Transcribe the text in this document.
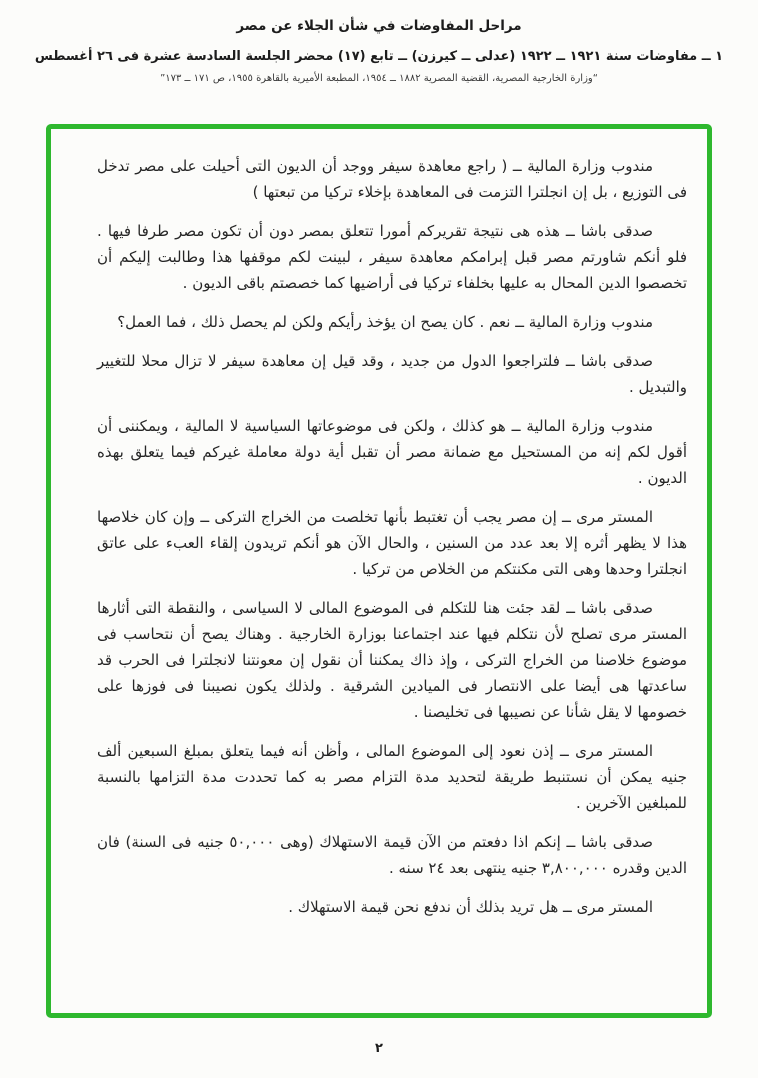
مراحل المفاوضات في شأن الجلاء عن مصر
١ ــ مفاوضات سنة ١٩٢١ ــ ١٩٢٢ (عدلى ــ كيرزن) ــ تابع (١٧) محضر الجلسة السادسة عشرة فى ٢٦ أغسطس
“وزارة الخارجية المصرية، القضية المصرية ١٨٨٢ ــ ١٩٥٤، المطبعة الأميرية بالقاهرة ١٩٥٥، ص ١٧١ ــ ١٧٣”

مندوب وزارة المالية ــ ( راجع معاهدة سيفر ووجد أن الديون التى أحيلت على مصر تدخل فى التوزيع ، بل إن انجلترا التزمت فى المعاهدة بإخلاء تركيا من تبعتها )

صدقى باشا ــ هذه هى نتيجة تقريركم أمورا تتعلق بمصر دون أن تكون مصر طرفا فيها . فلو أنكم شاورتم مصر قبل إبرامكم معاهدة سيفر ، لبينت لكم موقفها هذا وطالبت إليكم أن تخصصوا الدين المحال به عليها بخلفاء تركيا فى أراضيها كما خصصتم باقى الديون .

مندوب وزارة المالية ــ نعم . كان يصح ان يؤخذ رأيكم ولكن لم يحصل ذلك ، فما العمل؟

صدقى باشا ــ فلتراجعوا الدول من جديد ، وقد قيل إن معاهدة سيفر لا تزال محلا للتغيير والتبديل .

مندوب وزارة المالية ــ هو كذلك ، ولكن فى موضوعاتها السياسية لا المالية ، ويمكننى أن أقول لكم إنه من المستحيل مع ضمانة مصر أن تقبل أية دولة معاملة غيركم فيما يتعلق بهذه الديون .

المستر مرى ــ إن مصر يجب أن تغتبط بأنها تخلصت من الخراج التركى ــ وإن كان خلاصها هذا لا يظهر أثره إلا بعد عدد من السنين ، والحال الآن هو أنكم تريدون إلقاء العبء على عاتق انجلترا وحدها وهى التى مكنتكم من الخلاص من تركيا .

صدقى باشا ــ لقد جئت هنا للتكلم فى الموضوع المالى لا السياسى ، والنقطة التى أثارها المستر مرى تصلح لأن نتكلم فيها عند اجتماعنا بوزارة الخارجية . وهناك يصح أن نتحاسب فى موضوع خلاصنا من الخراج التركى ، وإذ ذاك يمكننا أن نقول إن معونتنا لانجلترا فى الحرب قد ساعدتها هى أيضا على الانتصار فى الميادين الشرقية . ولذلك يكون نصيبنا فى فوزها على خصومها لا يقل شأنا عن نصيبها فى تخليصنا .

المستر مرى ــ إذن نعود إلى الموضوع المالى ، وأظن أنه فيما يتعلق بمبلغ السبعين ألف جنيه يمكن أن نستنبط طريقة لتحديد مدة التزام مصر به كما تحددت مدة التزامها بالنسبة للمبلغين الآخرين .

صدقى باشا ــ إنكم اذا دفعتم من الآن قيمة الاستهلاك (وهى ٥٠,٠٠٠ جنيه فى السنة) فان الدين وقدره ٣,٨٠٠,٠٠٠ جنيه ينتهى بعد ٢٤ سنه .

المستر مرى ــ هل تريد بذلك أن ندفع نحن قيمة الاستهلاك .

٢
